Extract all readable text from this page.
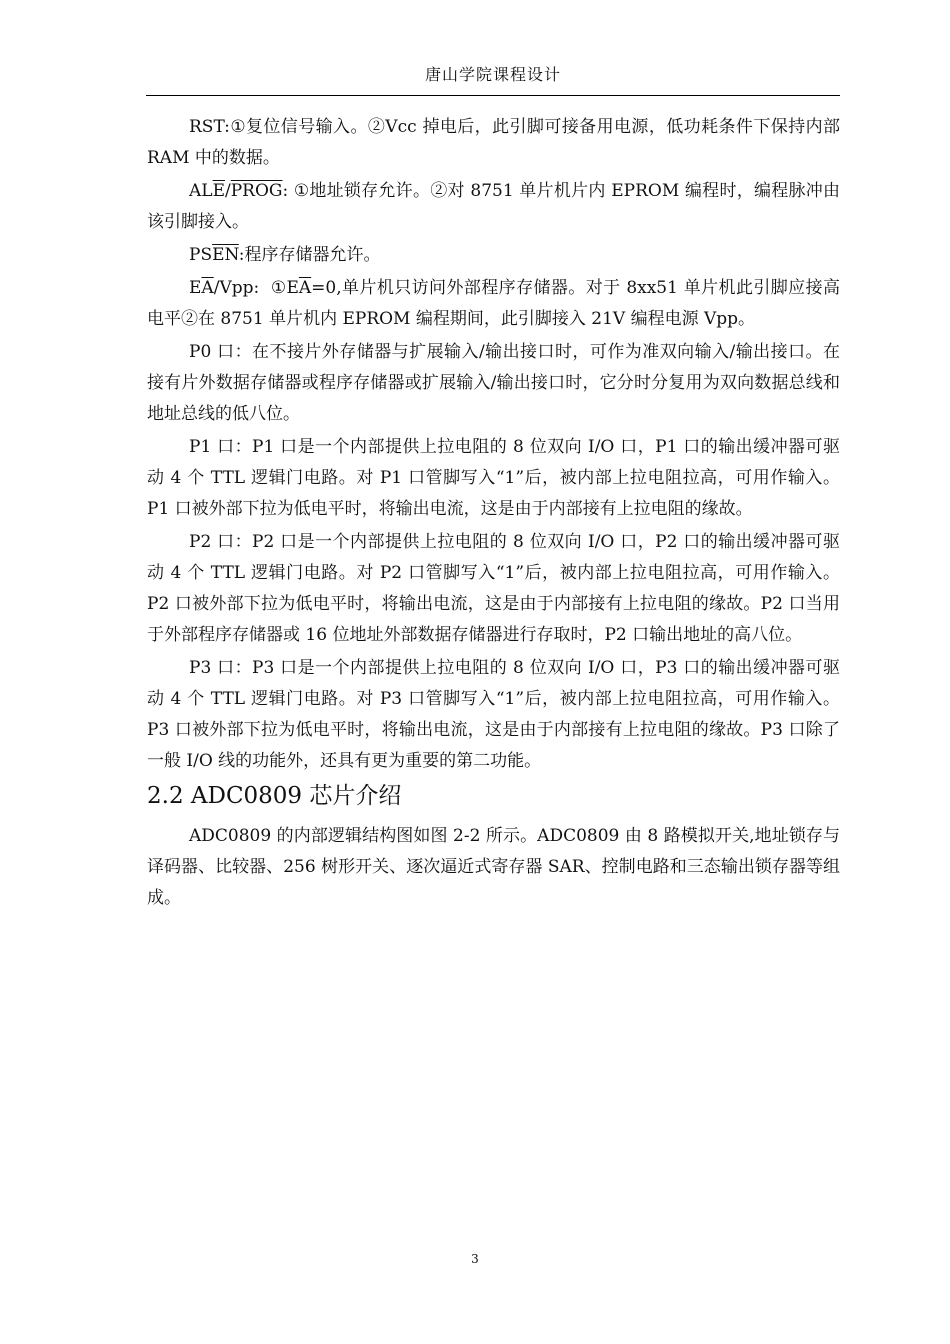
唐山学院课程设计

RST:①复位信号输入。②Vcc 掉电后，此引脚可接备用电源，低功耗条件下保持内部 RAM 中的数据。

$AL\overline{E}$/PROG: ①地址锁存允许。②对 8751 单片机片内 EPROM 编程时，编程脉冲由该引脚接入。

$PS\overline{EN}$:程序存储器允许。

$E\overline{A}$/Vpp:  $①E\overline{A}=0$,单片机只访问外部程序存储器。对于 8xx51 单片机此引脚应接高电平②在 8751 单片机内 EPROM 编程期间，此引脚接入 21V 编程电源 Vpp。

P0 口：在不接片外存储器与扩展输入/输出接口时，可作为准双向输入/输出接口。在接有片外数据存储器或程序存储器或扩展输入/输出接口时，它分时分复用为双向数据总线和地址总线的低八位。

P1 口：P1 口是一个内部提供上拉电阻的 8 位双向 I/O 口，P1 口的输出缓冲器可驱动 4 个 TTL 逻辑门电路。对 P1 口管脚写入“1”后，被内部上拉电阻拉高，可用作输入。P1 口被外部下拉为低电平时，将输出电流，这是由于内部接有上拉电阻的缘故。

P2 口：P2 口是一个内部提供上拉电阻的 8 位双向 I/O 口，P2 口的输出缓冲器可驱动 4 个 TTL 逻辑门电路。对 P2 口管脚写入“1”后，被内部上拉电阻拉高，可用作输入。P2 口被外部下拉为低电平时，将输出电流，这是由于内部接有上拉电阻的缘故。P2 口当用于外部程序存储器或 16 位地址外部数据存储器进行存取时，P2 口输出地址的高八位。

P3 口：P3 口是一个内部提供上拉电阻的 8 位双向 I/O 口，P3 口的输出缓冲器可驱动 4 个 TTL 逻辑门电路。对 P3 口管脚写入“1”后，被内部上拉电阻拉高，可用作输入。P3 口被外部下拉为低电平时，将输出电流，这是由于内部接有上拉电阻的缘故。P3 口除了一般 I/O 线的功能外，还具有更为重要的第二功能。

2.2 ADC0809 芯片介绍

ADC0809 的内部逻辑结构图如图 2-2 所示。ADC0809 由 8 路模拟开关,地址锁存与译码器、比较器、256 树形开关、逐次逼近式寄存器 SAR、控制电路和三态输出锁存器等组成。

3
